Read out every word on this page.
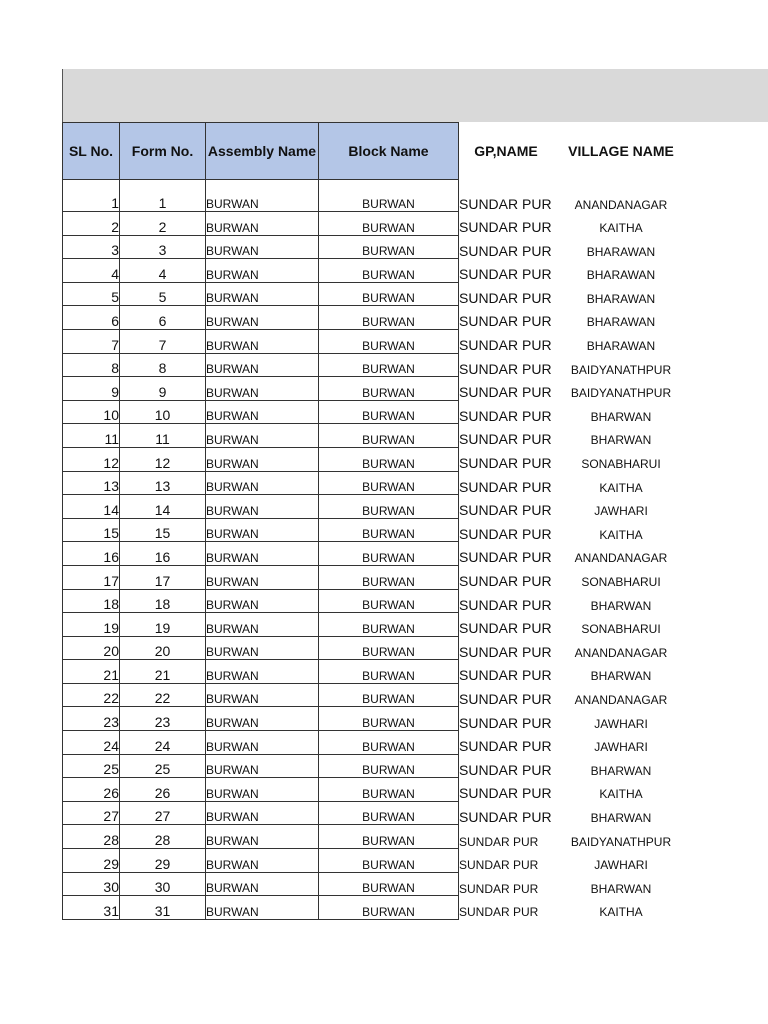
SL No.	Form No.	Assembly Name	Block Name	GP,NAME	VILLAGE NAME
1	1	BURWAN	BURWAN	SUNDAR PUR	ANANDANAGAR
2	2	BURWAN	BURWAN	SUNDAR PUR	KAITHA
3	3	BURWAN	BURWAN	SUNDAR PUR	BHARAWAN
4	4	BURWAN	BURWAN	SUNDAR PUR	BHARAWAN
5	5	BURWAN	BURWAN	SUNDAR PUR	BHARAWAN
6	6	BURWAN	BURWAN	SUNDAR PUR	BHARAWAN
7	7	BURWAN	BURWAN	SUNDAR PUR	BHARAWAN
8	8	BURWAN	BURWAN	SUNDAR PUR	BAIDYANATHPUR
9	9	BURWAN	BURWAN	SUNDAR PUR	BAIDYANATHPUR
10	10	BURWAN	BURWAN	SUNDAR PUR	BHARWAN
11	11	BURWAN	BURWAN	SUNDAR PUR	BHARWAN
12	12	BURWAN	BURWAN	SUNDAR PUR	SONABHARUI
13	13	BURWAN	BURWAN	SUNDAR PUR	KAITHA
14	14	BURWAN	BURWAN	SUNDAR PUR	JAWHARI
15	15	BURWAN	BURWAN	SUNDAR PUR	KAITHA
16	16	BURWAN	BURWAN	SUNDAR PUR	ANANDANAGAR
17	17	BURWAN	BURWAN	SUNDAR PUR	SONABHARUI
18	18	BURWAN	BURWAN	SUNDAR PUR	BHARWAN
19	19	BURWAN	BURWAN	SUNDAR PUR	SONABHARUI
20	20	BURWAN	BURWAN	SUNDAR PUR	ANANDANAGAR
21	21	BURWAN	BURWAN	SUNDAR PUR	BHARWAN
22	22	BURWAN	BURWAN	SUNDAR PUR	ANANDANAGAR
23	23	BURWAN	BURWAN	SUNDAR PUR	JAWHARI
24	24	BURWAN	BURWAN	SUNDAR PUR	JAWHARI
25	25	BURWAN	BURWAN	SUNDAR PUR	BHARWAN
26	26	BURWAN	BURWAN	SUNDAR PUR	KAITHA
27	27	BURWAN	BURWAN	SUNDAR PUR	BHARWAN
28	28	BURWAN	BURWAN	SUNDAR PUR	BAIDYANATHPUR
29	29	BURWAN	BURWAN	SUNDAR PUR	JAWHARI
30	30	BURWAN	BURWAN	SUNDAR PUR	BHARWAN
31	31	BURWAN	BURWAN	SUNDAR PUR	KAITHA
